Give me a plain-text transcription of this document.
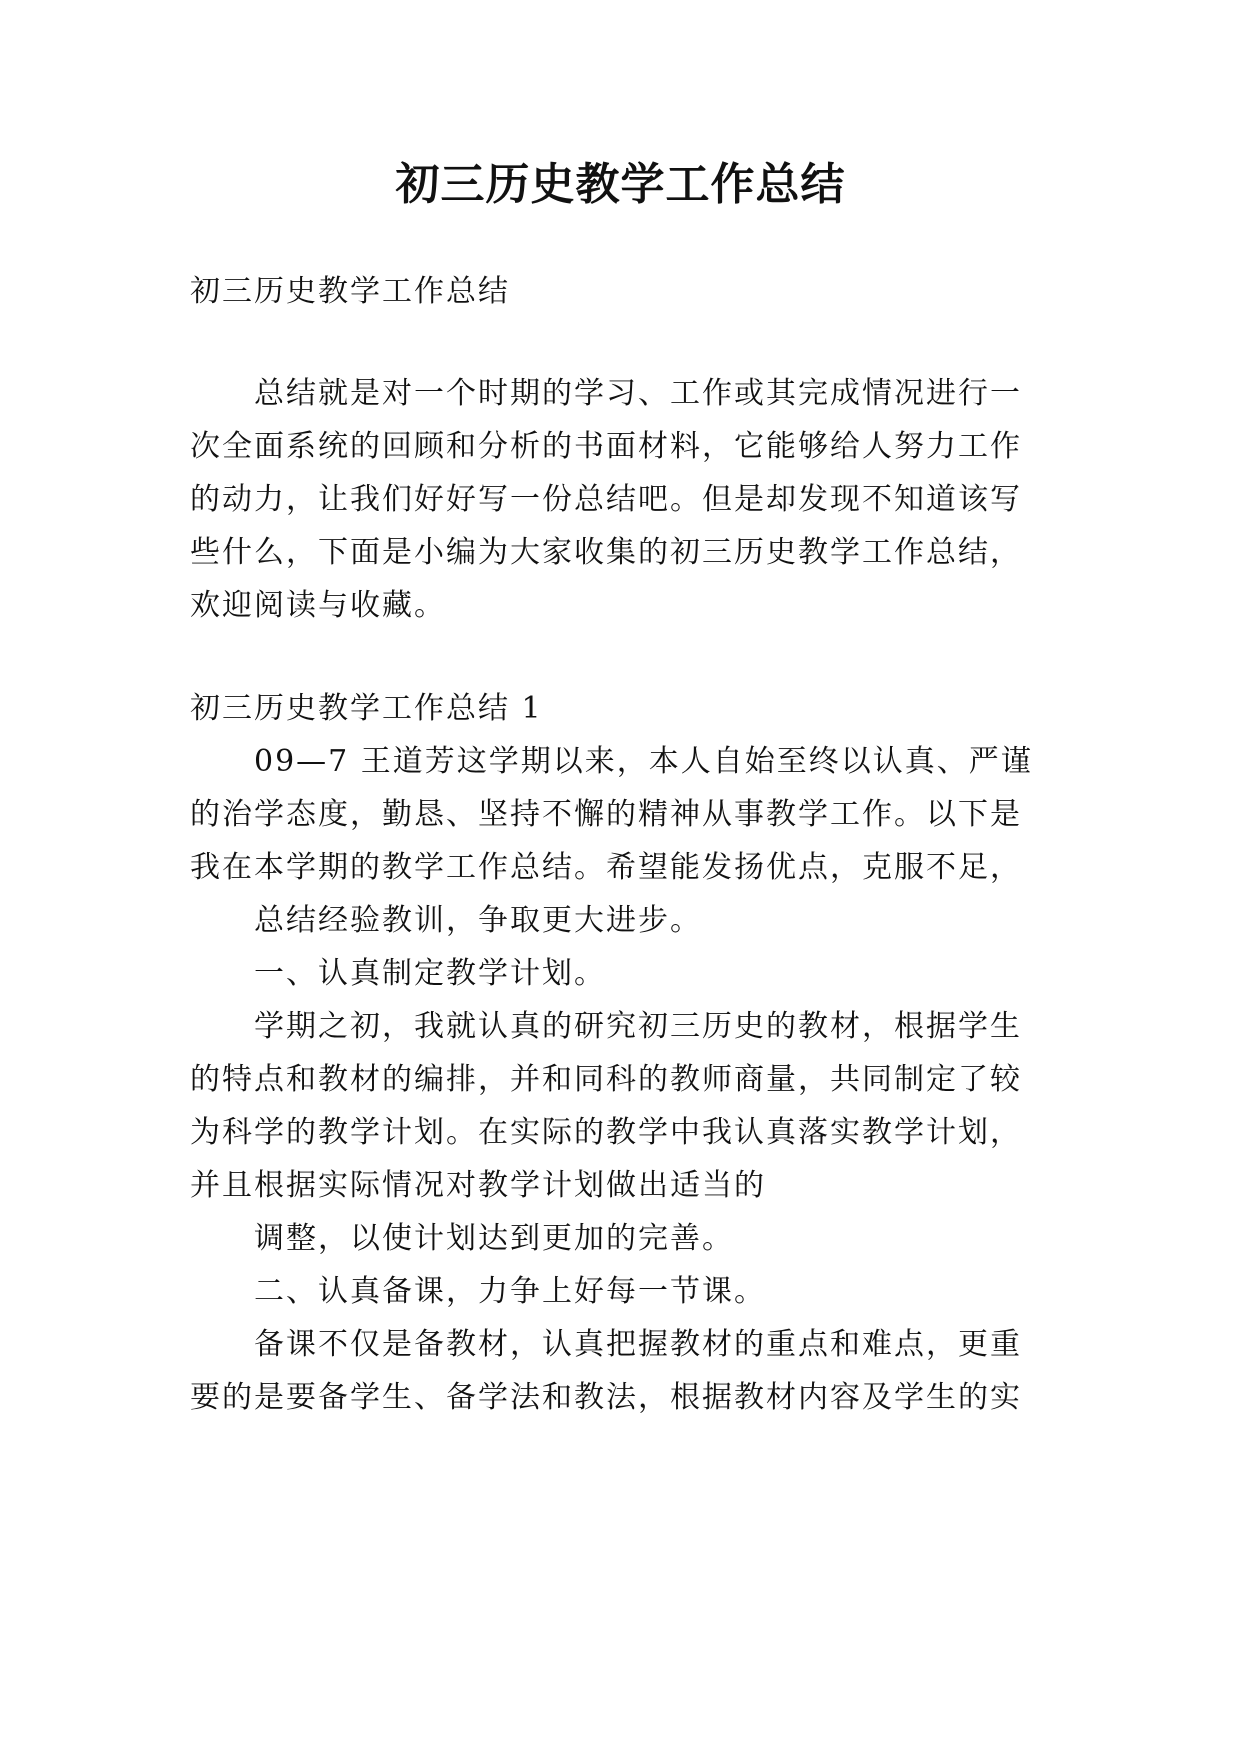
初三历史教学工作总结
初三历史教学工作总结
总结就是对一个时期的学习、工作或其完成情况进行一
次全面系统的回顾和分析的书面材料，它能够给人努力工作
的动力，让我们好好写一份总结吧。但是却发现不知道该写
些什么，下面是小编为大家收集的初三历史教学工作总结，
欢迎阅读与收藏。
初三历史教学工作总结 1
09—7 王道芳这学期以来，本人自始至终以认真、严谨
的治学态度，勤恳、坚持不懈的精神从事教学工作。以下是
我在本学期的教学工作总结。希望能发扬优点，克服不足，
总结经验教训，争取更大进步。
一、认真制定教学计划。
学期之初，我就认真的研究初三历史的教材，根据学生
的特点和教材的编排，并和同科的教师商量，共同制定了较
为科学的教学计划。在实际的教学中我认真落实教学计划，
并且根据实际情况对教学计划做出适当的
调整，以使计划达到更加的完善。
二、认真备课，力争上好每一节课。
备课不仅是备教材，认真把握教材的重点和难点，更重
要的是要备学生、备学法和教法，根据教材内容及学生的实
